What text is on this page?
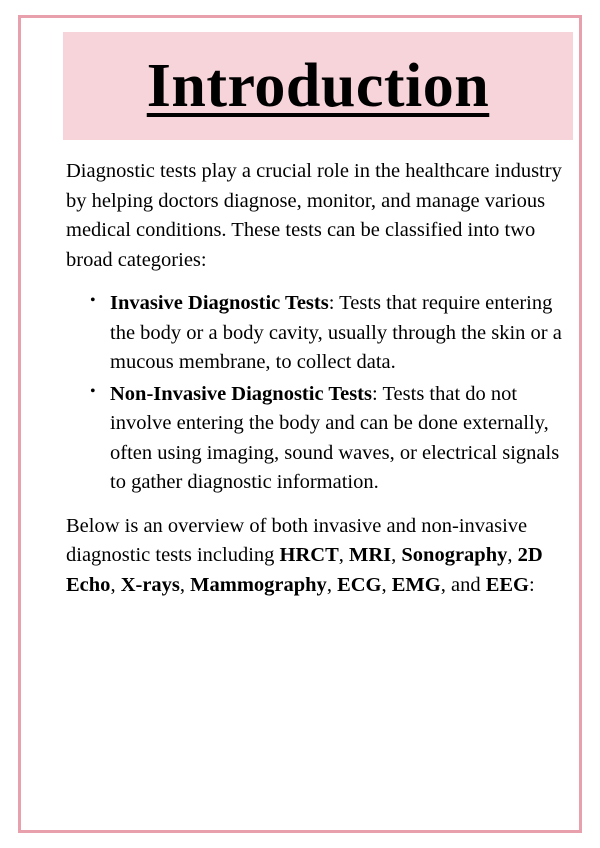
Introduction

Diagnostic tests play a crucial role in the healthcare industry by helping doctors diagnose, monitor, and manage various medical conditions. These tests can be classified into two broad categories:

• Invasive Diagnostic Tests: Tests that require entering the body or a body cavity, usually through the skin or a mucous membrane, to collect data.
• Non-Invasive Diagnostic Tests: Tests that do not involve entering the body and can be done externally, often using imaging, sound waves, or electrical signals to gather diagnostic information.

Below is an overview of both invasive and non-invasive diagnostic tests including HRCT, MRI, Sonography, 2D Echo, X-rays, Mammography, ECG, EMG, and EEG:
